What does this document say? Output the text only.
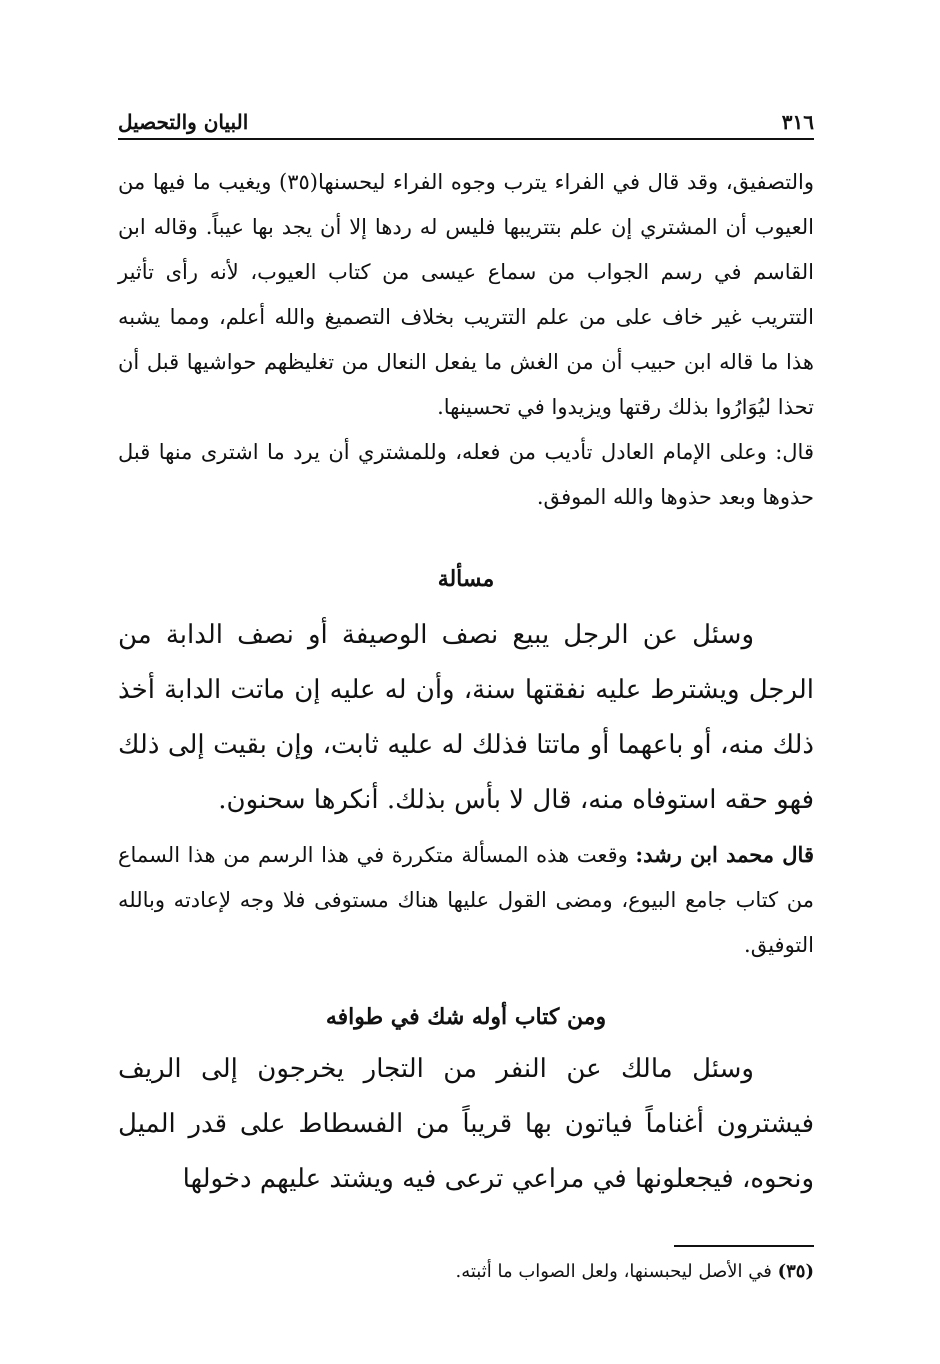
٣١٦
البيان والتحصيل

والتصفيق، وقد قال في الفراء يترب وجوه الفراء ليحسنها(٣٥) ويغيب ما فيها من العيوب أن المشتري إن علم بتتريبها فليس له ردها إلا أن يجد بها عيباً. وقاله ابن القاسم في رسم الجواب من سماع عيسى من كتاب العيوب، لأنه رأى تأثير التتريب غير خاف على من علم التتريب بخلاف التصميغ والله أعلم، ومما يشبه هذا ما قاله ابن حبيب أن من الغش ما يفعل النعال من تغليظهم حواشيها قبل أن تحذا ليُوَارُوا بذلك رقتها ويزيدوا في تحسينها.

قال: وعلى الإمام العادل تأديب من فعله، وللمشتري أن يرد ما اشترى منها قبل حذوها وبعد حذوها والله الموفق.

مسألة

وسئل عن الرجل يبيع نصف الوصيفة أو نصف الدابة من الرجل ويشترط عليه نفقتها سنة، وأن له عليه إن ماتت الدابة أخذ ذلك منه، أو باعهما أو ماتتا فذلك له عليه ثابت، وإن بقيت إلى ذلك فهو حقه استوفاه منه، قال لا بأس بذلك. أنكرها سحنون.

قال محمد ابن رشد: وقعت هذه المسألة متكررة في هذا الرسم من هذا السماع من كتاب جامع البيوع، ومضى القول عليها هناك مستوفى فلا وجه لإعادته وبالله التوفيق.

ومن كتاب أوله شك في طوافه

وسئل مالك عن النفر من التجار يخرجون إلى الريف فيشترون أغناماً فياتون بها قريباً من الفسطاط على قدر الميل ونحوه، فيجعلونها في مراعي ترعى فيه ويشتد عليهم دخولها

(٣٥) في الأصل ليحبسنها، ولعل الصواب ما أثبته.
